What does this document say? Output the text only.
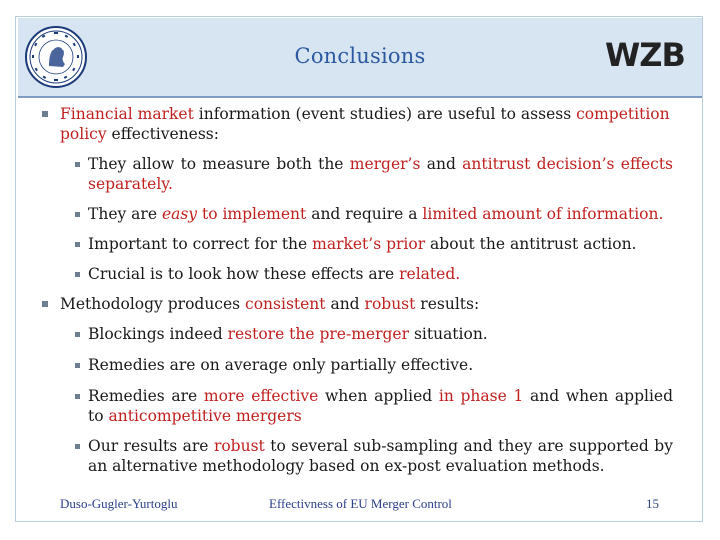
Conclusions	WZB
Financial market information (event studies) are useful to assess competition policy effectiveness:
They allow to measure both the merger’s and antitrust decision’s effects separately.
They are easy to implement and require a limited amount of information.
Important to correct for the market’s prior about the antitrust action.
Crucial is to look how these effects are related.
Methodology produces consistent and robust results:
Blockings indeed restore the pre-merger situation.
Remedies are on average only partially effective.
Remedies are more effective when applied in phase 1 and when applied to anticompetitive mergers
Our results are robust to several sub-sampling and they are supported by an alternative methodology based on ex-post evaluation methods.
Duso-Gugler-Yurtoglu	Effectivness of EU Merger Control	15
